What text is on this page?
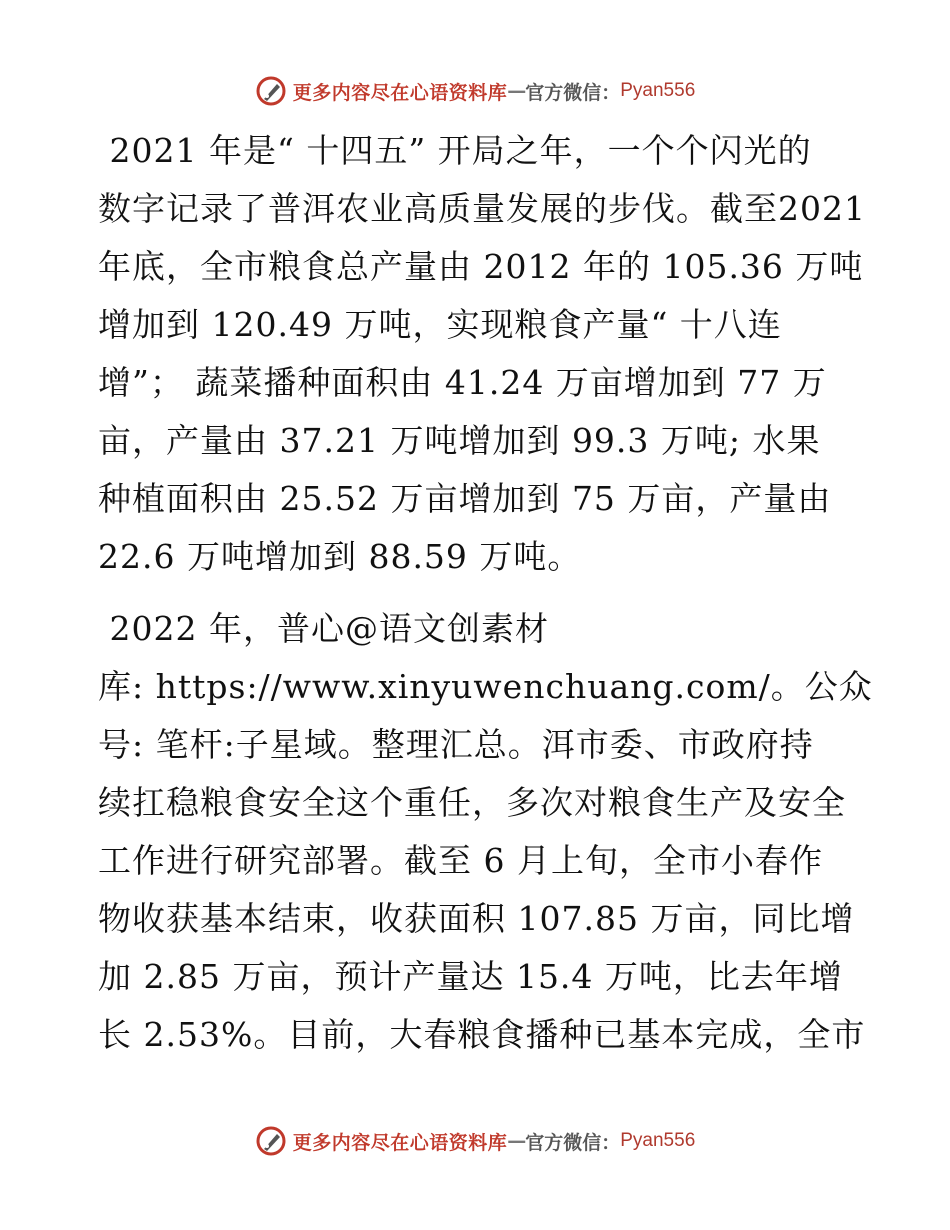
更多内容尽在心语资料库 — 官方微信： Pyan556

2021 年是“ 十四五” 开局之年，一个个闪光的
数字记录了普洱农业高质量发展的步伐。截至2021
年底，全市粮食总产量由 2012 年的 105.36 万吨
增加到 120.49 万吨，实现粮食产量“ 十八连
增”； 蔬菜播种面积由 41.24 万亩增加到 77 万
亩，产量由 37.21 万吨增加到 99.3 万吨; 水果
种植面积由 25.52 万亩增加到 75 万亩，产量由
22.6 万吨增加到 88.59 万吨。

2022 年，普心@语文创素材
库: https://www.xinyuwenchuang.com/。公众
号: 笔杆:子星域。整理汇总。洱市委、市政府持
续扛稳粮食安全这个重任，多次对粮食生产及安全
工作进行研究部署。截至 6 月上旬，全市小春作
物收获基本结束，收获面积 107.85 万亩，同比增
加 2.85 万亩，预计产量达 15.4 万吨，比去年增
长 2.53%。目前，大春粮食播种已基本完成，全市

更多内容尽在心语资料库 — 官方微信： Pyan556
